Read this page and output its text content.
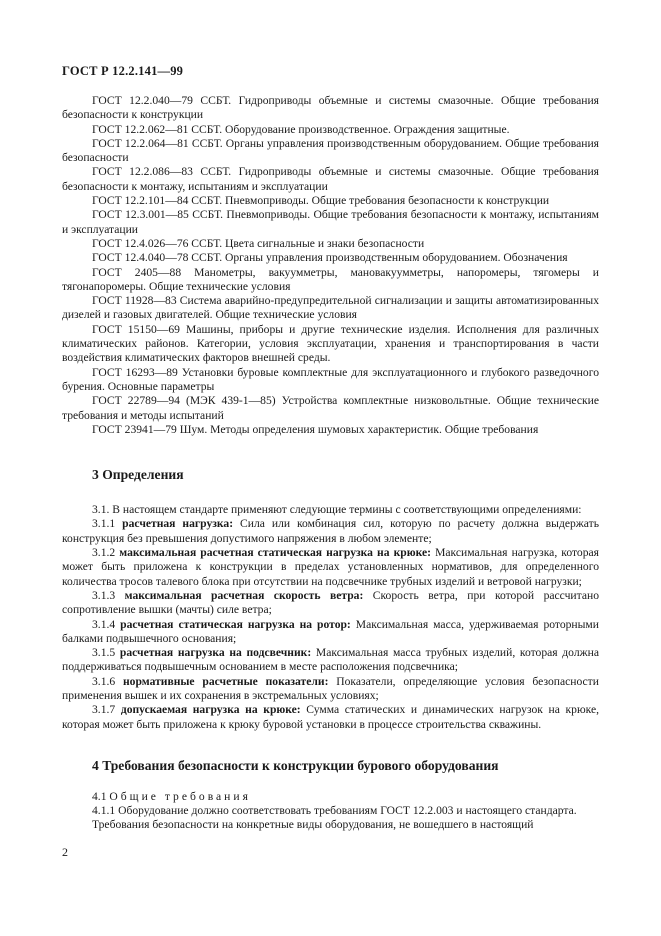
ГОСТ Р 12.2.141—99

ГОСТ 12.2.040—79 ССБТ. Гидроприводы объемные и системы смазочные. Общие требования безопасности к конструкции

ГОСТ 12.2.062—81 ССБТ. Оборудование производственное. Ограждения защитные.

ГОСТ 12.2.064—81 ССБТ. Органы управления производственным оборудованием. Общие требования безопасности

ГОСТ 12.2.086—83 ССБТ. Гидроприводы объемные и системы смазочные. Общие требования безопасности к монтажу, испытаниям и эксплуатации

ГОСТ 12.2.101—84 ССБТ. Пневмоприводы. Общие требования безопасности к конструкции

ГОСТ 12.3.001—85 ССБТ. Пневмоприводы. Общие требования безопасности к монтажу, испытаниям и эксплуатации

ГОСТ 12.4.026—76 ССБТ. Цвета сигнальные и знаки безопасности

ГОСТ 12.4.040—78 ССБТ. Органы управления производственным оборудованием. Обозначения

ГОСТ 2405—88 Манометры, вакуумметры, мановакуумметры, напоромеры, тягомеры и тягонапоромеры. Общие технические условия

ГОСТ 11928—83 Система аварийно-предупредительной сигнализации и защиты автоматизированных дизелей и газовых двигателей. Общие технические условия

ГОСТ 15150—69 Машины, приборы и другие технические изделия. Исполнения для различных климатических районов. Категории, условия эксплуатации, хранения и транспортирования в части воздействия климатических факторов внешней среды.

ГОСТ 16293—89 Установки буровые комплектные для эксплуатационного и глубокого разведочного бурения. Основные параметры

ГОСТ 22789—94 (МЭК 439-1—85) Устройства комплектные низковольтные. Общие технические требования и методы испытаний

ГОСТ 23941—79 Шум. Методы определения шумовых характеристик. Общие требования

3 Определения

3.1. В настоящем стандарте применяют следующие термины с соответствующими определениями:

3.1.1 расчетная нагрузка: Сила или комбинация сил, которую по расчету должна выдержать конструкция без превышения допустимого напряжения в любом элементе;

3.1.2 максимальная расчетная статическая нагрузка на крюке: Максимальная нагрузка, которая может быть приложена к конструкции в пределах установленных нормативов, для определенного количества тросов талевого блока при отсутствии на подсвечнике трубных изделий и ветровой нагрузки;

3.1.3 максимальная расчетная скорость ветра: Скорость ветра, при которой рассчитано сопротивление вышки (мачты) силе ветра;

3.1.4 расчетная статическая нагрузка на ротор: Максимальная масса, удерживаемая роторными балками подвышечного основания;

3.1.5 расчетная нагрузка на подсвечник: Максимальная масса трубных изделий, которая должна поддерживаться подвышечным основанием в месте расположения подсвечника;

3.1.6 нормативные расчетные показатели: Показатели, определяющие условия безопасности применения вышек и их сохранения в экстремальных условиях;

3.1.7 допускаемая нагрузка на крюке: Сумма статических и динамических нагрузок на крюке, которая может быть приложена к крюку буровой установки в процессе строительства скважины.

4 Требования безопасности к конструкции бурового оборудования

4.1 Общие требования

4.1.1 Оборудование должно соответствовать требованиям ГОСТ 12.2.003 и настоящего стандарта.

Требования безопасности на конкретные виды оборудования, не вошедшего в настоящий

2
